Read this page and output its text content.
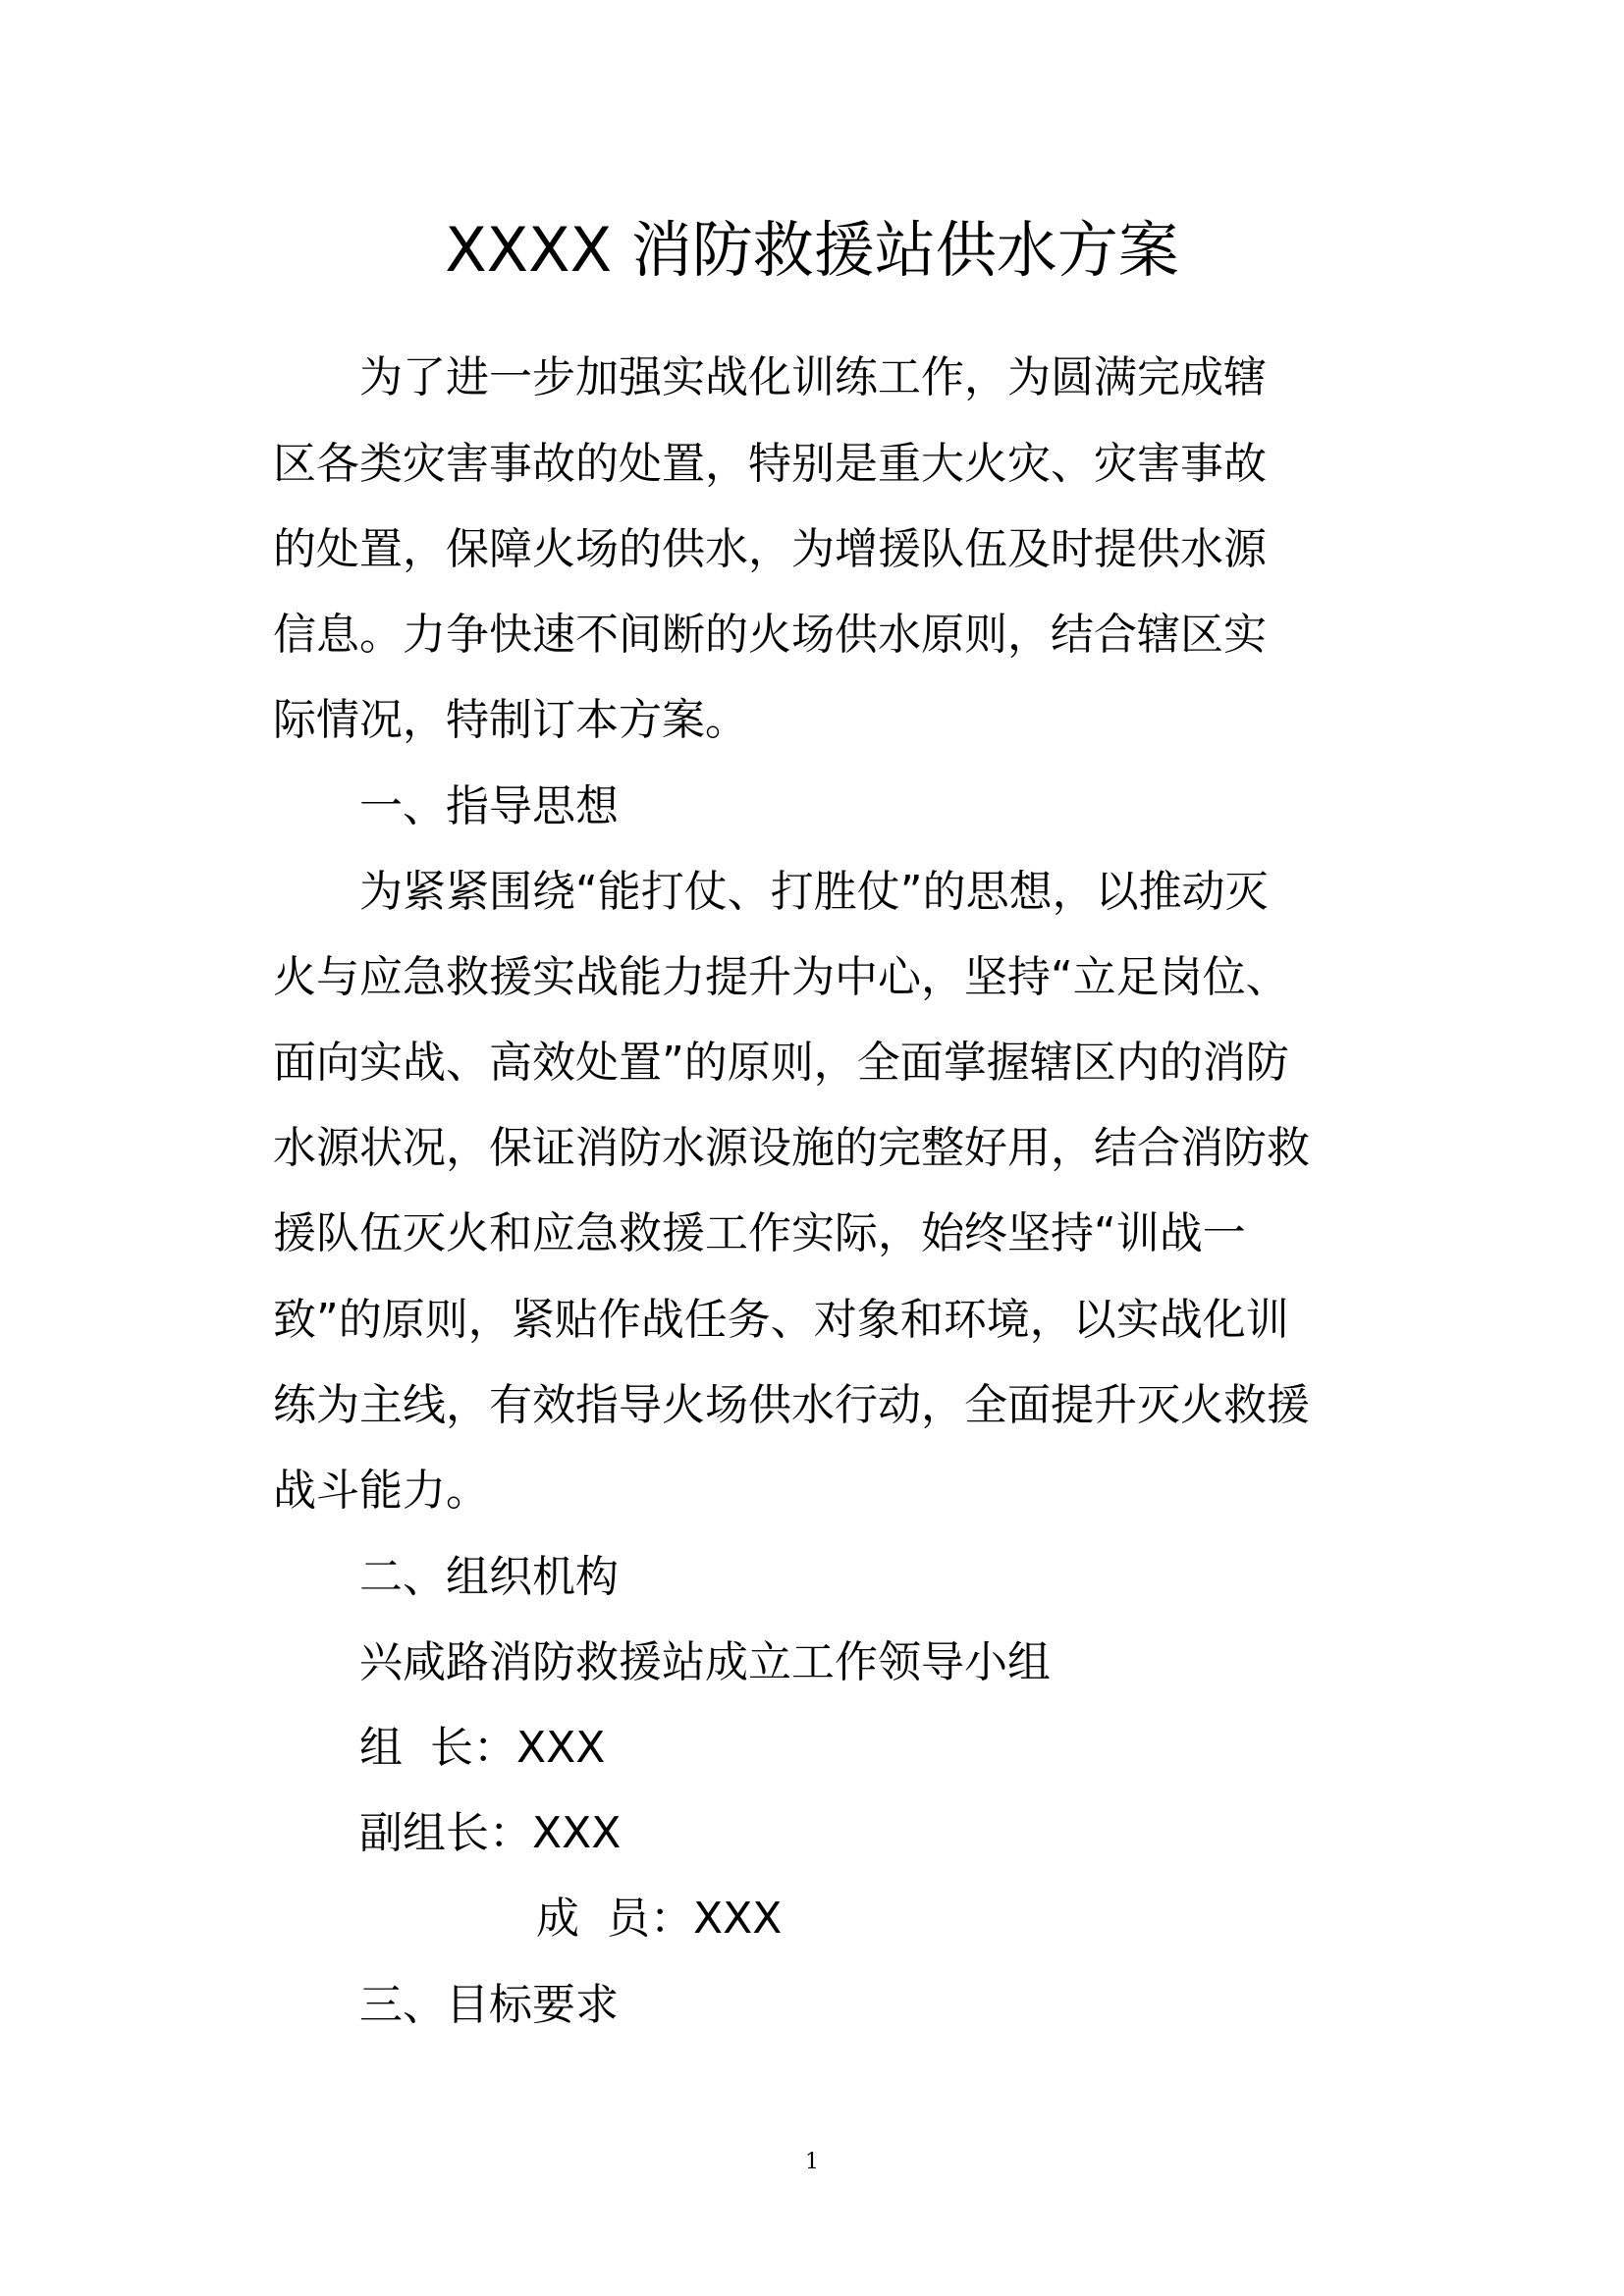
XXXX 消防救援站供水方案
为了进一步加强实战化训练工作，为圆满完成辖
区各类灾害事故的处置，特别是重大火灾、灾害事故
的处置，保障火场的供水，为增援队伍及时提供水源
信息。力争快速不间断的火场供水原则，结合辖区实
际情况，特制订本方案。
一、指导思想
为紧紧围绕“能打仗、打胜仗”的思想，以推动灭
火与应急救援实战能力提升为中心，坚持“立足岗位、
面向实战、高效处置”的原则，全面掌握辖区内的消防
水源状况，保证消防水源设施的完整好用，结合消防救
援队伍灭火和应急救援工作实际，始终坚持“训战一
致”的原则，紧贴作战任务、对象和环境，以实战化训
练为主线，有效指导火场供水行动，全面提升灭火救援
战斗能力。
二、组织机构
兴咸路消防救援站成立工作领导小组
组  长：XXX
副组长：XXX
成  员：XXX
三、目标要求
1
